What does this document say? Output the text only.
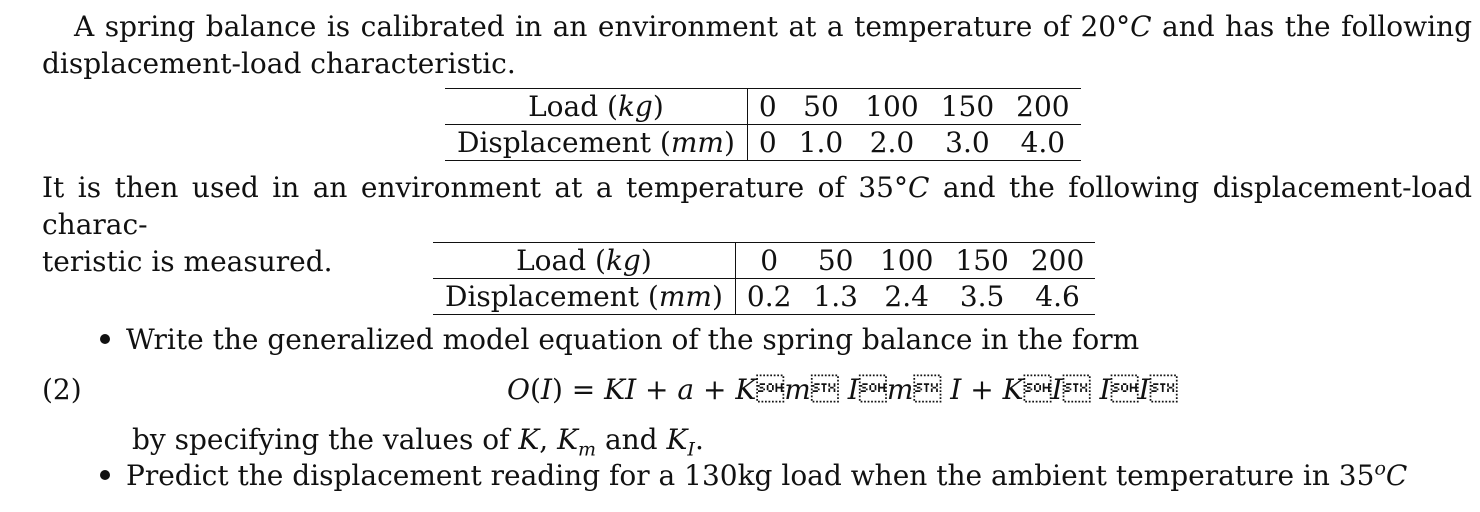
A spring balance is calibrated in an environment at a temperature of 20°C and has the following
displacement-load characteristic.
Load (kg)	0	50	100	150	200
Displacement (mm)	0	1.0	2.0	3.0	4.0
It is then used in an environment at a temperature of 35°C and the following displacement-load charac-
teristic is measured.	Load (kg)	0	50	100	150	200
Displacement (mm)	0.2	1.3	2.4	3.5	4.6
Write the generalized model equation of the spring balance in the form
(2)	O(I) = KI + a + Km Im I + KI II
by specifying the values of K, $K_m$ and $K_I$.
Predict the displacement reading for a 130kg load when the ambient temperature in 35$^o$C
